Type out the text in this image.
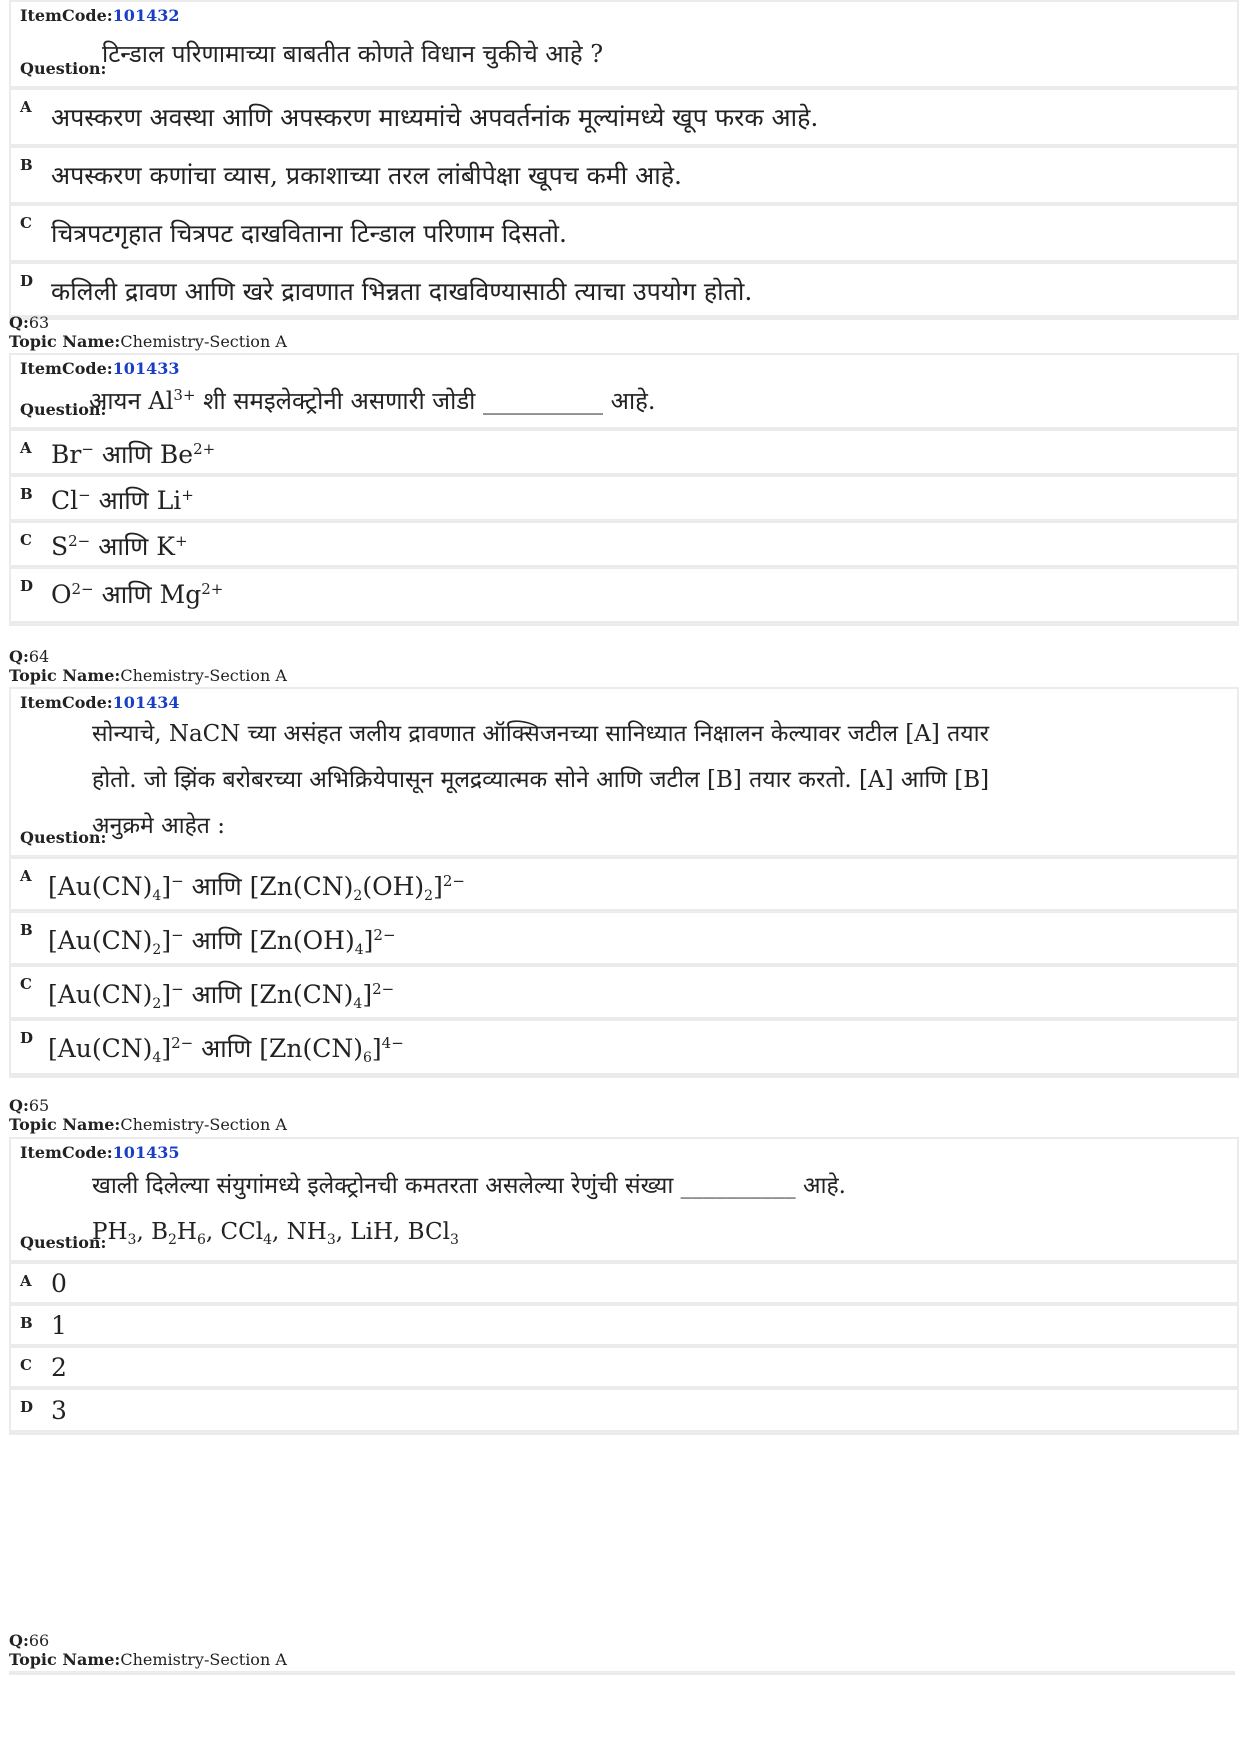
ItemCode:101432
Question:
टिन्डाल परिणामाच्या बाबतीत कोणते विधान चुकीचे आहे ?
A अपस्करण अवस्था आणि अपस्करण माध्यमांचे अपवर्तनांक मूल्यांमध्ये खूप फरक आहे.
B अपस्करण कणांचा व्यास, प्रकाशाच्या तरल लांबीपेक्षा खूपच कमी आहे.
C चित्रपटगृहात चित्रपट दाखविताना टिन्डाल परिणाम दिसतो.
D कलिली द्रावण आणि खरे द्रावणात भिन्नता दाखविण्यासाठी त्याचा उपयोग होतो.
Q:63
Topic Name:Chemistry-Section A
ItemCode:101433
Question:
आयन $Al^{3+}$ शी समइलेक्ट्रोनी असणारी जोडी __________ आहे.
A Br− आणि $Be^{2+}$
B Cl− आणि Li+
C $S^{2-}$ आणि K+
D $O^{2-}$ आणि $Mg^{2+}$
Q:64
Topic Name:Chemistry-Section A
ItemCode:101434
Question:
सोन्याचे, NaCN च्या असंहत जलीय द्रावणात ऑक्सिजनच्या सानिध्यात निक्षालन केल्यावर जटील [A] तयार
होतो. जो झिंक बरोबरच्या अभिक्रियेपासून मूलद्रव्यात्मक सोने आणि जटील [B] तयार करतो. [A] आणि [B]
अनुक्रमे आहेत :
A $[Au(CN)_4]^-$ आणि $[Zn(CN)_2(OH)_2]^{2-}$
B $[Au(CN)_2]^-$ आणि $[Zn(OH)_4]^{2-}$
C $[Au(CN)_2]^-$ आणि $[Zn(CN)_4]^{2-}$
D $[Au(CN)_4]^{2-}$ आणि $[Zn(CN)_6]^{4-}$
Q:65
Topic Name:Chemistry-Section A
ItemCode:101435
Question:
खाली दिलेल्या संयुगांमध्ये इलेक्ट्रोनची कमतरता असलेल्या रेणुंची संख्या __________ आहे.
$PH_3$, $B_2H_6$, CCl$_4$, $NH_3$, LiH, BCl$_3$
A 0
B 1
C 2
D 3
Q:66
Topic Name:Chemistry-Section A
